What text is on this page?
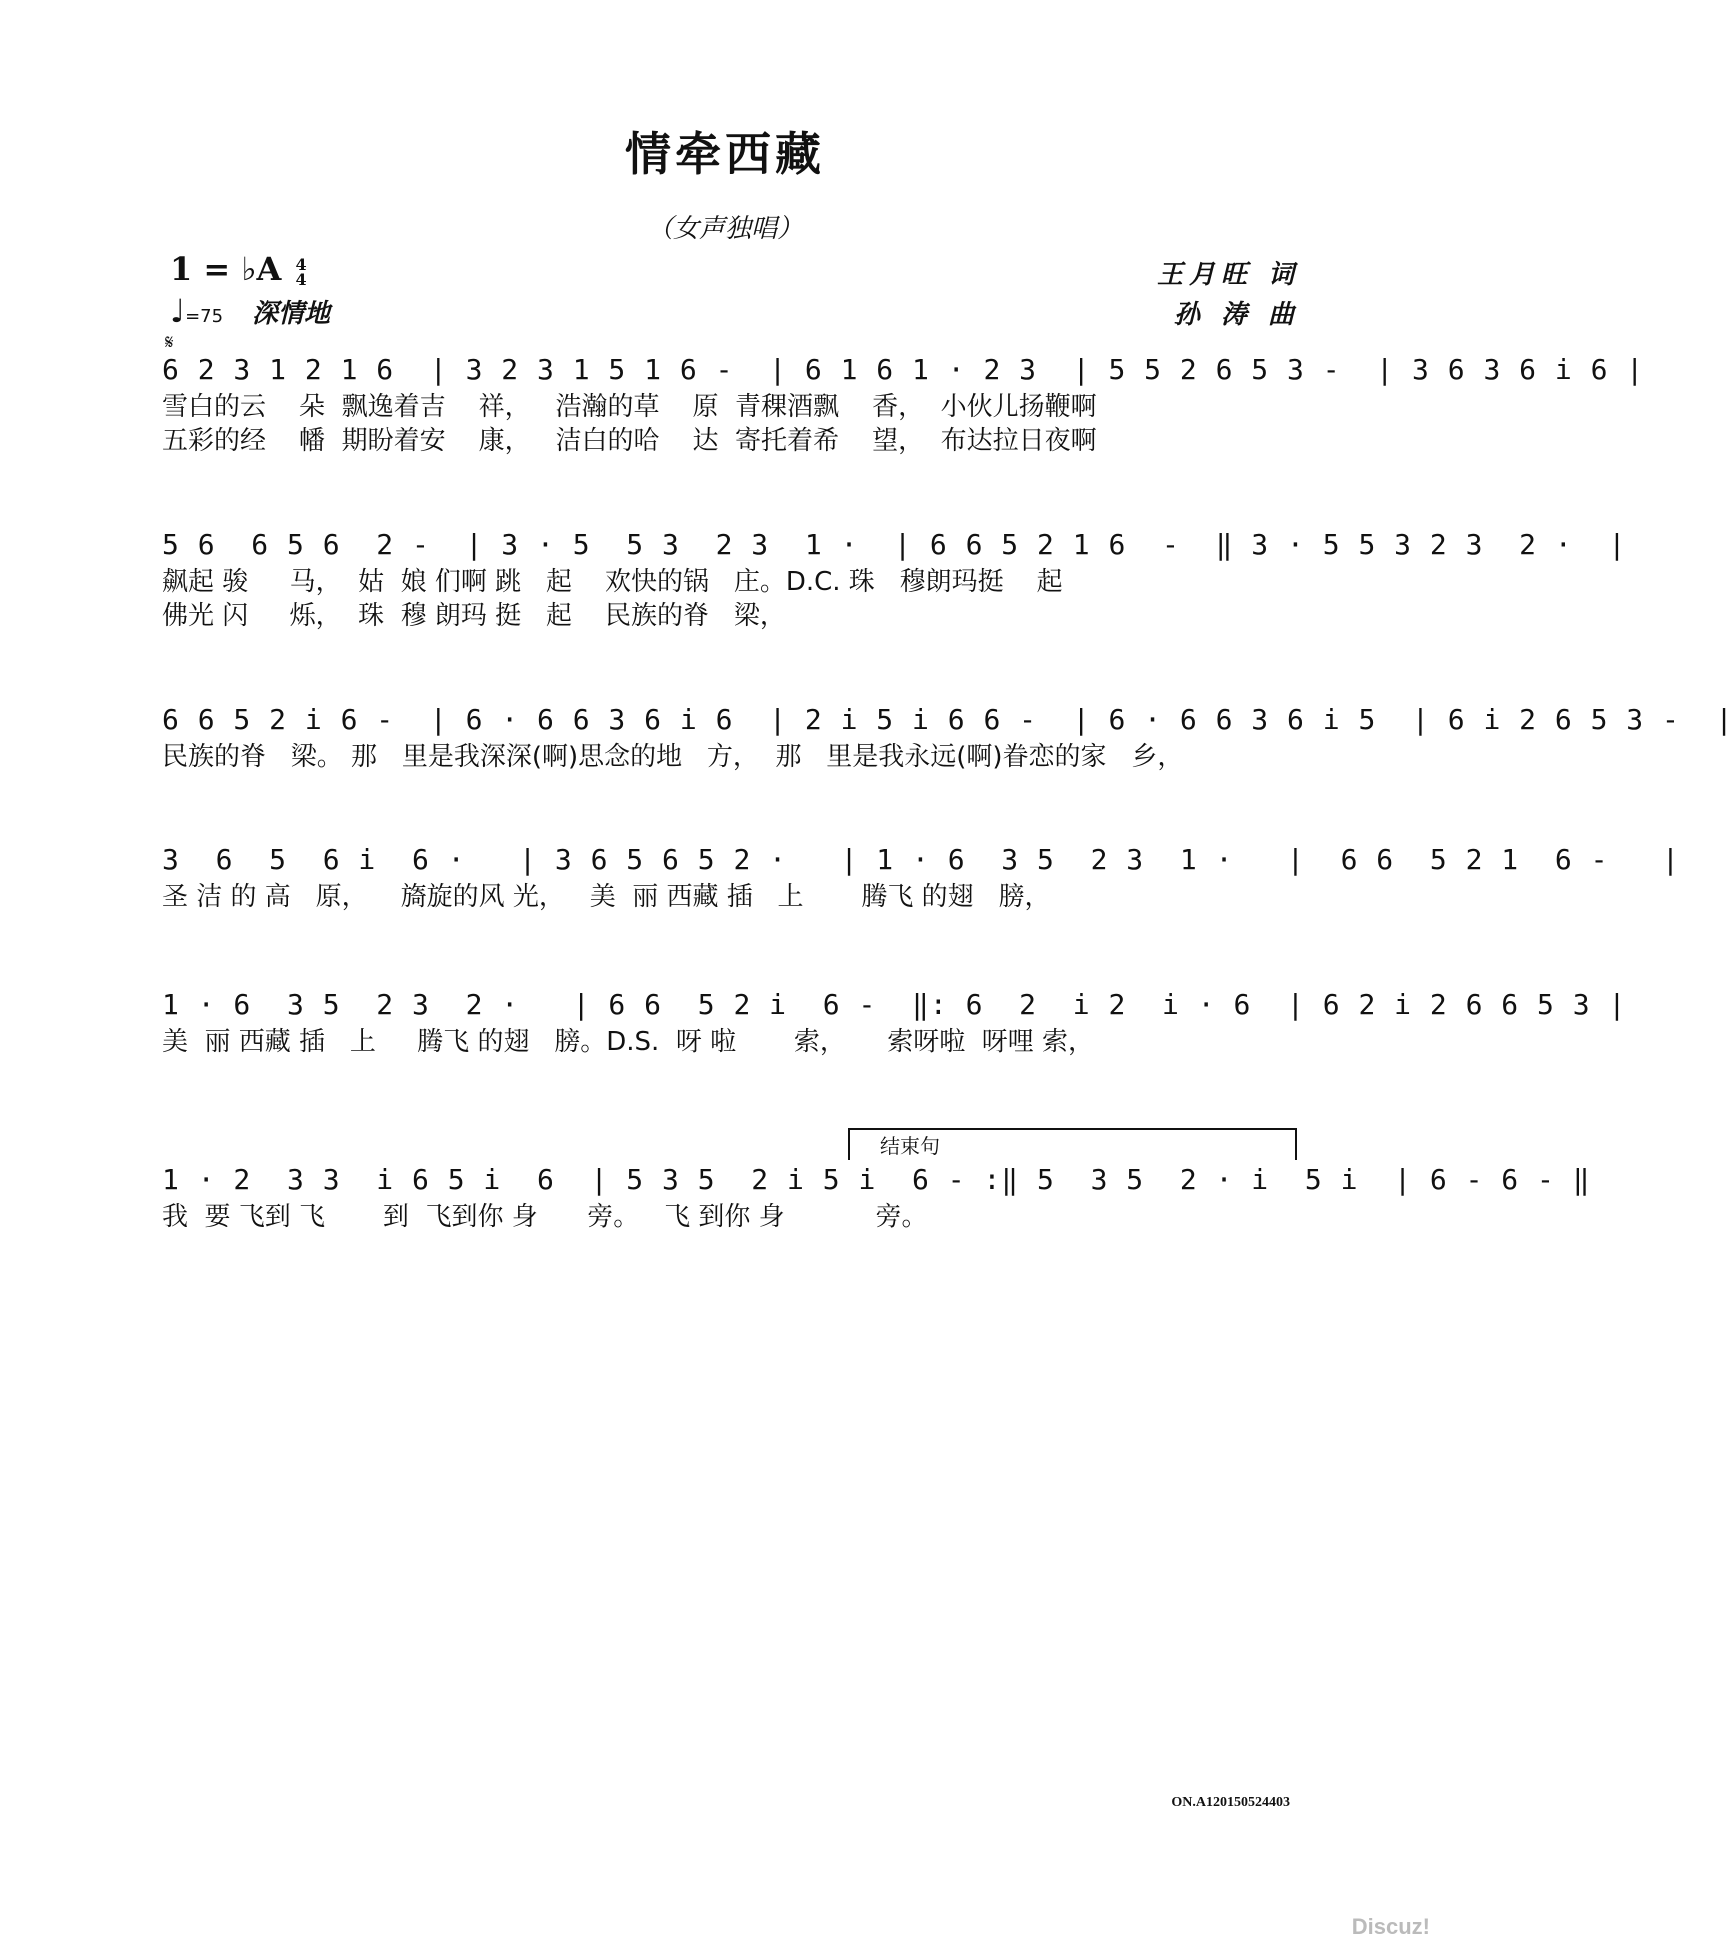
情牵西藏
（女声独唱）
1 = ♭A 4
4
♩=75 深情地
王月旺 词
孙 涛 曲
𝄋
6 2 3 1 2 1 6  | 3 2 3 1 5 1 6 -  | 6 1 6 1 · 2 3  | 5 5 2 6 5 3 -  | 3 6 3 6 i 6 |
雪白的云    朵  飘逸着吉    祥，   浩瀚的草    原  青稞酒飘    香，  小伙儿扬鞭啊
五彩的经    幡  期盼着安    康，   洁白的哈    达  寄托着希    望，  布达拉日夜啊
5 6  6 5 6  2 -  | 3 · 5  5 3  2 3  1 ·  | 6 6 5 2 1 6  -  ‖ 3 · 5 5 3 2 3  2 ·  |
飙起 骏     马，  姑  娘 们啊 跳   起    欢快的锅   庄。D.C. 珠   穆朗玛挺    起
佛光 闪     烁，  珠  穆 朗玛 挺   起    民族的脊   梁，
6 6 5 2 i 6 -  | 6 · 6 6 3 6 i 6  | 2 i 5 i 6 6 -  | 6 · 6 6 3 6 i 5  | 6 i 2 6 5 3 -  |
民族的脊   梁。 那   里是我深深(啊)思念的地   方，  那   里是我永远(啊)眷恋的家   乡，
3  6  5  6 i  6 ·   | 3 6 5 6 5 2 ·   | 1 · 6  3 5  2 3  1 ·   |  6 6  5 2 1  6 -   |
圣 洁 的 高   原，    旖旋的风 光，   美  丽 西藏 插   上       腾飞 的翅   膀，
1 · 6  3 5  2 3  2 ·   | 6 6  5 2 i  6 -  ‖: 6  2  i 2  i · 6  | 6 2 i 2 6 6 5 3 |
美  丽 西藏 插   上     腾飞 的翅   膀。D.S.  呀 啦       索，     索呀啦  呀哩 索，
结束句
1 · 2  3 3  i 6 5 i  6  | 5 3 5  2 i 5 i  6 - :‖ 5  3 5  2 · i  5 i  | 6 - 6 - ‖
我  要 飞到 飞       到  飞到你 身      旁。   飞 到你 身           旁。
ON.A120150524403
Discuz!
